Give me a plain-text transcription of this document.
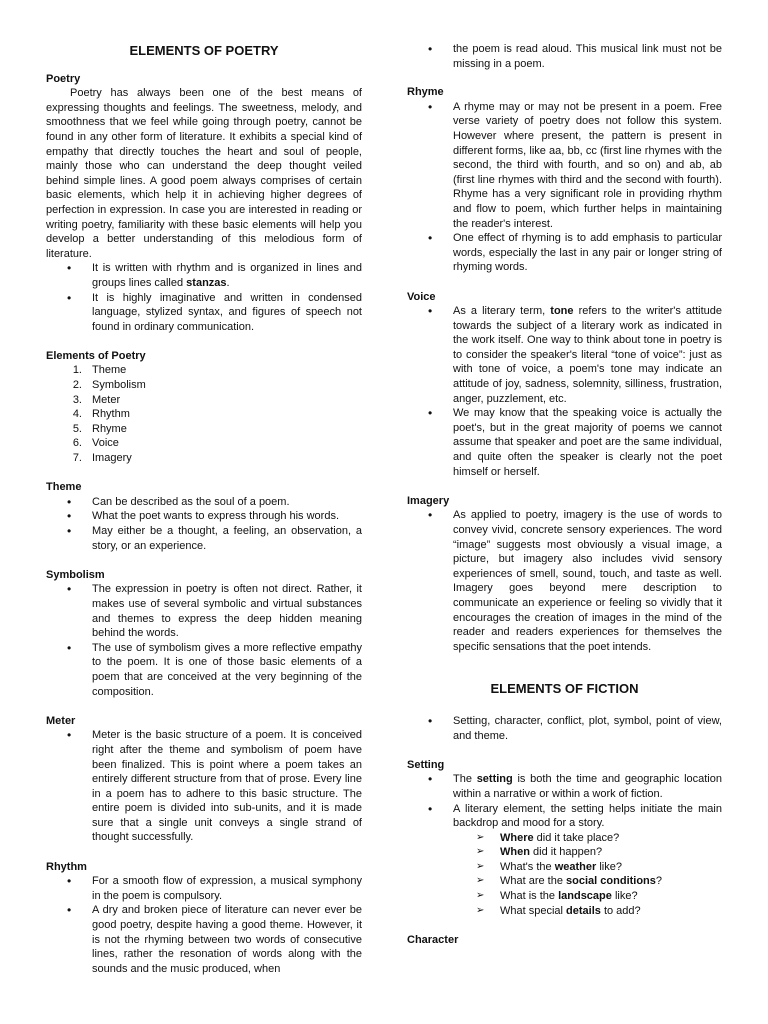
ELEMENTS OF POETRY
Poetry

Poetry has always been one of the best means of expressing thoughts and feelings. The sweetness, melody, and smoothness that we feel while going through poetry, cannot be found in any other form of literature. It exhibits a special kind of empathy that directly touches the heart and soul of people, mainly those who can understand the deep thought veiled behind simple lines. A good poem always comprises of certain basic elements, which help it in achieving higher degrees of perfection in expression. In case you are interested in reading or writing poetry, familiarity with these basic elements will help you develop a better understanding of this melodious form of literature.

• It is written with rhythm and is organized in lines and groups lines called stanzas.
• It is highly imaginative and written in condensed language, stylized syntax, and figures of speech not found in ordinary communication.
Elements of Poetry
1. Theme
2. Symbolism
3. Meter
4. Rhythm
5. Rhyme
6. Voice
7. Imagery
Theme
• Can be described as the soul of a poem.
• What the poet wants to express through his words.
• May either be a thought, a feeling, an observation, a story, or an experience.
Symbolism
• The expression in poetry is often not direct. Rather, it makes use of several symbolic and virtual substances and themes to express the deep hidden meaning behind the words.
• The use of symbolism gives a more reflective empathy to the poem. It is one of those basic elements of a poem that are conceived at the very beginning of the composition.
Meter
• Meter is the basic structure of a poem. It is conceived right after the theme and symbolism of poem have been finalized. This is point where a poem takes an entirely different structure from that of prose. Every line in a poem has to adhere to this basic structure. The entire poem is divided into sub-units, and it is made sure that a single unit conveys a single strand of thought successfully.
Rhythm
• For a smooth flow of expression, a musical symphony in the poem is compulsory.
• A dry and broken piece of literature can never ever be good poetry, despite having a good theme. However, it is not the rhyming between two words of consecutive lines, rather the resonation of words along with the sounds and the music produced, when
• the poem is read aloud. This musical link must not be missing in a poem.
Rhyme
• A rhyme may or may not be present in a poem. Free verse variety of poetry does not follow this system. However where present, the pattern is present in different forms, like aa, bb, cc (first line rhymes with the second, the third with fourth, and so on) and ab, ab (first line rhymes with third and the second with fourth). Rhyme has a very significant role in providing rhythm and flow to poem, which further helps in maintaining the reader's interest.
• One effect of rhyming is to add emphasis to particular words, especially the last in any pair or longer string of rhyming words.
Voice
• As a literary term, tone refers to the writer's attitude towards the subject of a literary work as indicated in the work itself. One way to think about tone in poetry is to consider the speaker's literal “tone of voice”: just as with tone of voice, a poem's tone may indicate an attitude of joy, sadness, solemnity, silliness, frustration, anger, puzzlement, etc.
• We may know that the speaking voice is actually the poet's, but in the great majority of poems we cannot assume that speaker and poet are the same individual, and quite often the speaker is clearly not the poet himself or herself.
Imagery
• As applied to poetry, imagery is the use of words to convey vivid, concrete sensory experiences. The word “image” suggests most obviously a visual image, a picture, but imagery also includes vivid sensory experiences of smell, sound, touch, and taste as well. Imagery goes beyond mere description to communicate an experience or feeling so vividly that it encourages the creation of images in the mind of the reader and readers experiences for themselves the specific sensations that the poet intends.
ELEMENTS OF FICTION
• Setting, character, conflict, plot, symbol, point of view, and theme.
Setting
• The setting is both the time and geographic location within a narrative or within a work of fiction.
• A literary element, the setting helps initiate the main backdrop and mood for a story.
➢ Where did it take place?
➢ When did it happen?
➢ What's the weather like?
➢ What are the social conditions?
➢ What is the landscape like?
➢ What special details to add?
Character
